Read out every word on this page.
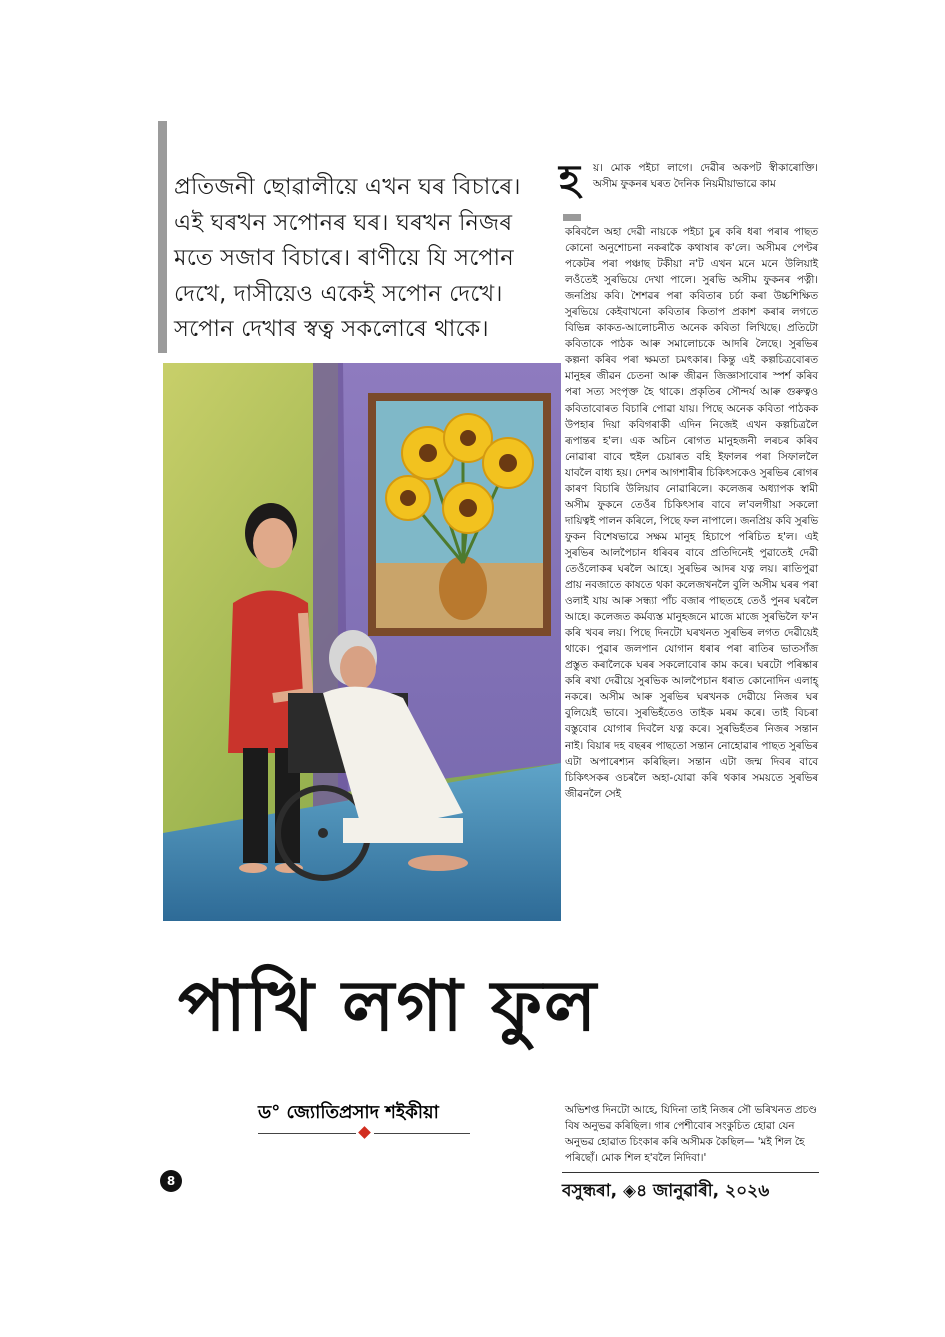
প্ৰতিজনী ছোৱালীয়ে এখন ঘৰ বিচাৰে। এই ঘৰখন সপোনৰ ঘৰ। ঘৰখন নিজৰ মতে সজাব বিচাৰে। ৰাণীয়ে যি সপোন দেখে, দাসীয়েও একেই সপোন দেখে। সপোন দেখাৰ স্বত্ব সকলোৰে থাকে।
পাখি লগা ফুল
ড° জ্যোতিপ্ৰসাদ শইকীয়া
হ য়। মোক পইচা লাগে। দেৱীৰ অকপট স্বীকাৰোক্তি। অসীম ফুকনৰ ঘৰত দৈনিক নিয়মীয়াভাৱে কাম
কৰিবলৈ অহা দেৱী নায়কে পইচা চুৰ কৰি ধৰা পৰাৰ পাছত কোনো অনুশোচনা নকৰাকৈ কথাষাৰ ক'লে। অসীমৰ পেণ্টৰ পকেটৰ পৰা পঞ্চাছ টকীয়া ন'ট এখন মনে মনে উলিয়াই লওঁতেই সুৰভিয়ে দেখা পালে। সুৰভি অসীম ফুকনৰ পত্নী। জনপ্ৰিয় কবি। শৈশৱৰ পৰা কবিতাৰ চৰ্চা কৰা উচ্চশিক্ষিত সুৰভিয়ে কেইবাখনো কবিতাৰ কিতাপ প্ৰকাশ কৰাৰ লগতে বিভিন্ন কাকত-আলোচনীত অনেক কবিতা লিখিছে। প্ৰতিটো কবিতাকে পাঠক আৰু সমালোচকে আদৰি লৈছে। সুৰভিৰ কল্পনা কৰিব পৰা ক্ষমতা চমৎকাৰ। কিন্তু এই কল্পচিত্ৰবোৰত মানুহৰ জীৱন চেতনা আৰু জীৱন জিজ্ঞাসাবোৰ স্পৰ্শ কৰিব পৰা সত্য সংপৃক্ত হৈ থাকে। প্ৰকৃতিৰ সৌন্দৰ্য আৰু গুৰুত্বও কবিতাবোৰত বিচাৰি পোৱা যায়। পিছে অনেক কবিতা পাঠকক উপহাৰ দিয়া কবিগৰাকী এদিন নিজেই এখন কল্পচিত্ৰলৈ ৰূপান্তৰ হ'ল। এক অচিন ৰোগত মানুহজনী লৰচৰ কৰিব নোৱাৰা বাবে হুইল চেয়াৰত বহি ইফালৰ পৰা সিফাললৈ যাবলৈ বাধ্য হয়। দেশৰ আগশাৰীৰ চিকিৎসকেও সুৰভিৰ ৰোগৰ কাৰণ বিচাৰি উলিয়াব নোৱাৰিলে। কলেজৰ অধ্যাপক স্বামী অসীম ফুকনে তেওঁৰ চিকিৎসাৰ বাবে ল'বলগীয়া সকলো দায়িত্বই পালন কৰিলে, পিছে ফল নাপালে। জনপ্ৰিয় কবি সুৰভি ফুকন বিশেষভাৱে সক্ষম মানুহ হিচাপে পৰিচিত হ'ল। এই সুৰভিৰ আলপৈচান ধৰিবৰ বাবে প্ৰতিদিনেই পুৱাতেই দেৱী তেওঁলোকৰ ঘৰলৈ আহে। সুৰভিৰ আদৰ যত্ন লয়। ৰাতিপুৱা প্ৰায় নবজাতে কাষতে থকা কলেজখনলৈ বুলি অসীম ঘৰৰ পৰা ওলাই যায় আৰু সন্ধ্যা পাঁচ বজাৰ পাছতহে তেওঁ পুনৰ ঘৰলৈ আহে। কলেজত কৰ্মব্যস্ত মানুহজনে মাজে মাজে সুৰভিলৈ ফ'ন কৰি খবৰ লয়। পিছে দিনটো ঘৰখনত সুৰভিৰ লগত দেৱীয়েই থাকে। পুৱাৰ জলপান যোগান ধৰাৰ পৰা ৰাতিৰ ভাতসাঁজ প্ৰস্তুত কৰালৈকে ঘৰৰ সকলোবোৰ কাম কৰে। ঘৰটো পৰিষ্কাৰ কৰি ৰখা দেৱীয়ে সুৰভিক আলপৈচান ধৰাত কোনোদিন এলাহ্ নকৰে। অসীম আৰু সুৰভিৰ ঘৰখনক দেৱীয়ে নিজৰ ঘৰ বুলিয়েই ভাবে। সুৰভিহঁতেও তাইক মৰম কৰে। তাই বিচৰা বস্তুবোৰ যোগাৰ দিবলৈ যত্ন কৰে। সুৰভিহঁতৰ নিজৰ সন্তান নাই। বিয়াৰ দহ বছৰৰ পাছতো সন্তান নোহোৱাৰ পাছত সুৰভিৰ এটা অপাৰেশ্যন কৰিছিল। সন্তান এটা জন্ম দিবৰ বাবে চিকিৎসকৰ ওচৰলৈ অহা-যোৱা কৰি থকাৰ সময়তে সুৰভিৰ জীৱনলৈ সেই
অভিশপ্ত দিনটো আহে, যিদিনা তাই নিজৰ সৌ ভৰিখনত প্ৰচণ্ড বিষ অনুভৱ কৰিছিল। গাৰ পেশীবোৰ সংকুচিত হোৱা যেন অনুভৱ হোৱাত চিংকাৰ কৰি অসীমক কৈছিল— 'মই শিল হৈ পৰিছোঁ। মোক শিল হ'বলৈ নিদিবা।'
8	বসুন্ধৰা, ◈৪ জানুৱাৰী, ২০২৬
